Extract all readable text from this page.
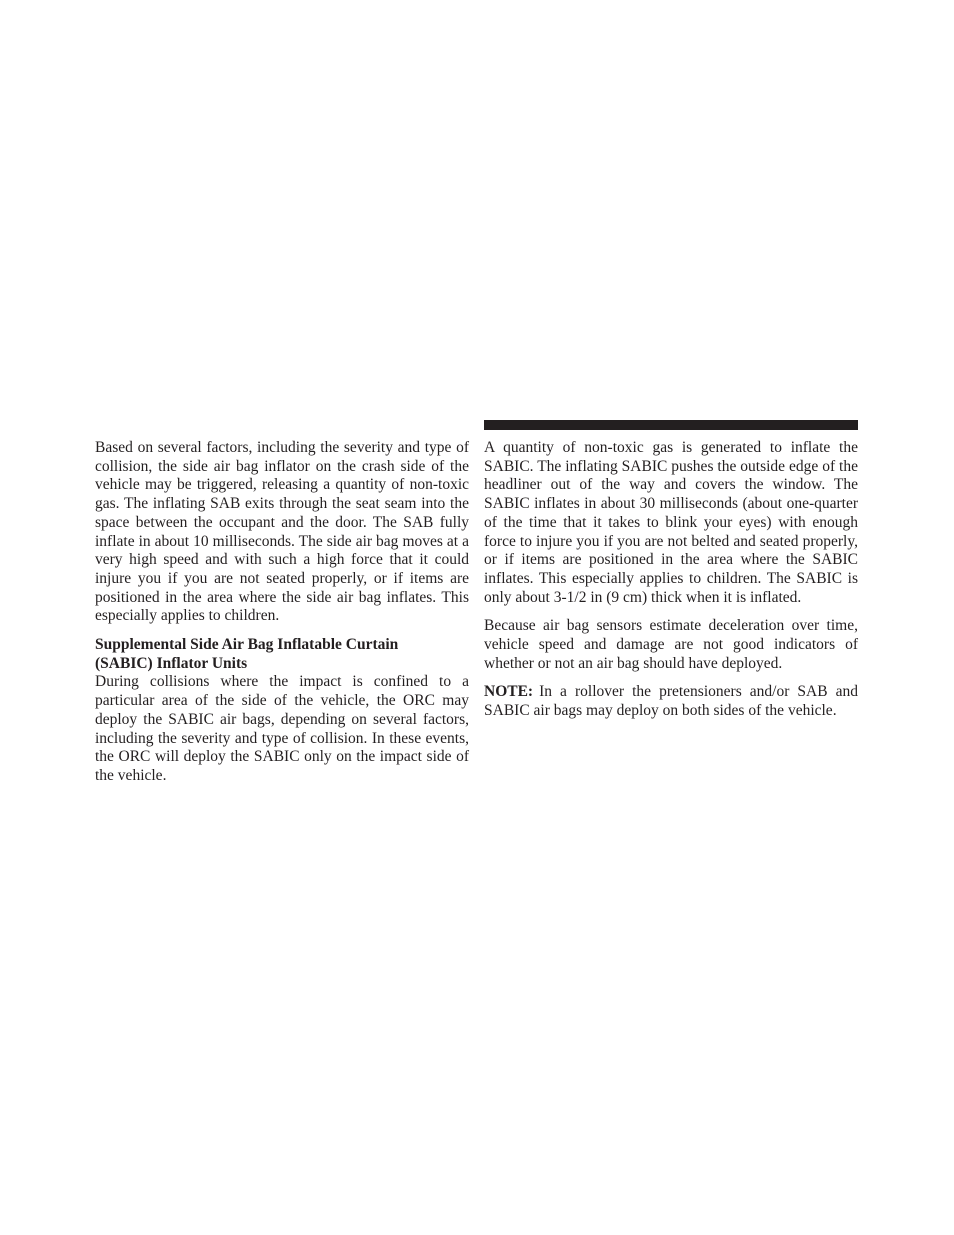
Based on several factors, including the severity and type of collision, the side air bag inflator on the crash side of the vehicle may be triggered, releasing a quantity of non-toxic gas. The inflating SAB exits through the seat seam into the space between the occupant and the door. The SAB fully inflate in about 10 milliseconds. The side air bag moves at a very high speed and with such a high force that it could injure you if you are not seated properly, or if items are positioned in the area where the side air bag inflates. This especially applies to children.

Supplemental Side Air Bag Inflatable Curtain
(SABIC) Inflator Units

During collisions where the impact is confined to a particular area of the side of the vehicle, the ORC may deploy the SABIC air bags, depending on several factors, including the severity and type of collision. In these events, the ORC will deploy the SABIC only on the impact side of the vehicle.

A quantity of non-toxic gas is generated to inflate the SABIC. The inflating SABIC pushes the outside edge of the headliner out of the way and covers the window. The SABIC inflates in about 30 milliseconds (about one-quarter of the time that it takes to blink your eyes) with enough force to injure you if you are not belted and seated properly, or if items are positioned in the area where the SABIC inflates. This especially applies to children. The SABIC is only about 3-1/2 in (9 cm) thick when it is inflated.

Because air bag sensors estimate deceleration over time, vehicle speed and damage are not good indicators of whether or not an air bag should have deployed.

NOTE: In a rollover the pretensioners and/or SAB and SABIC air bags may deploy on both sides of the vehicle.
